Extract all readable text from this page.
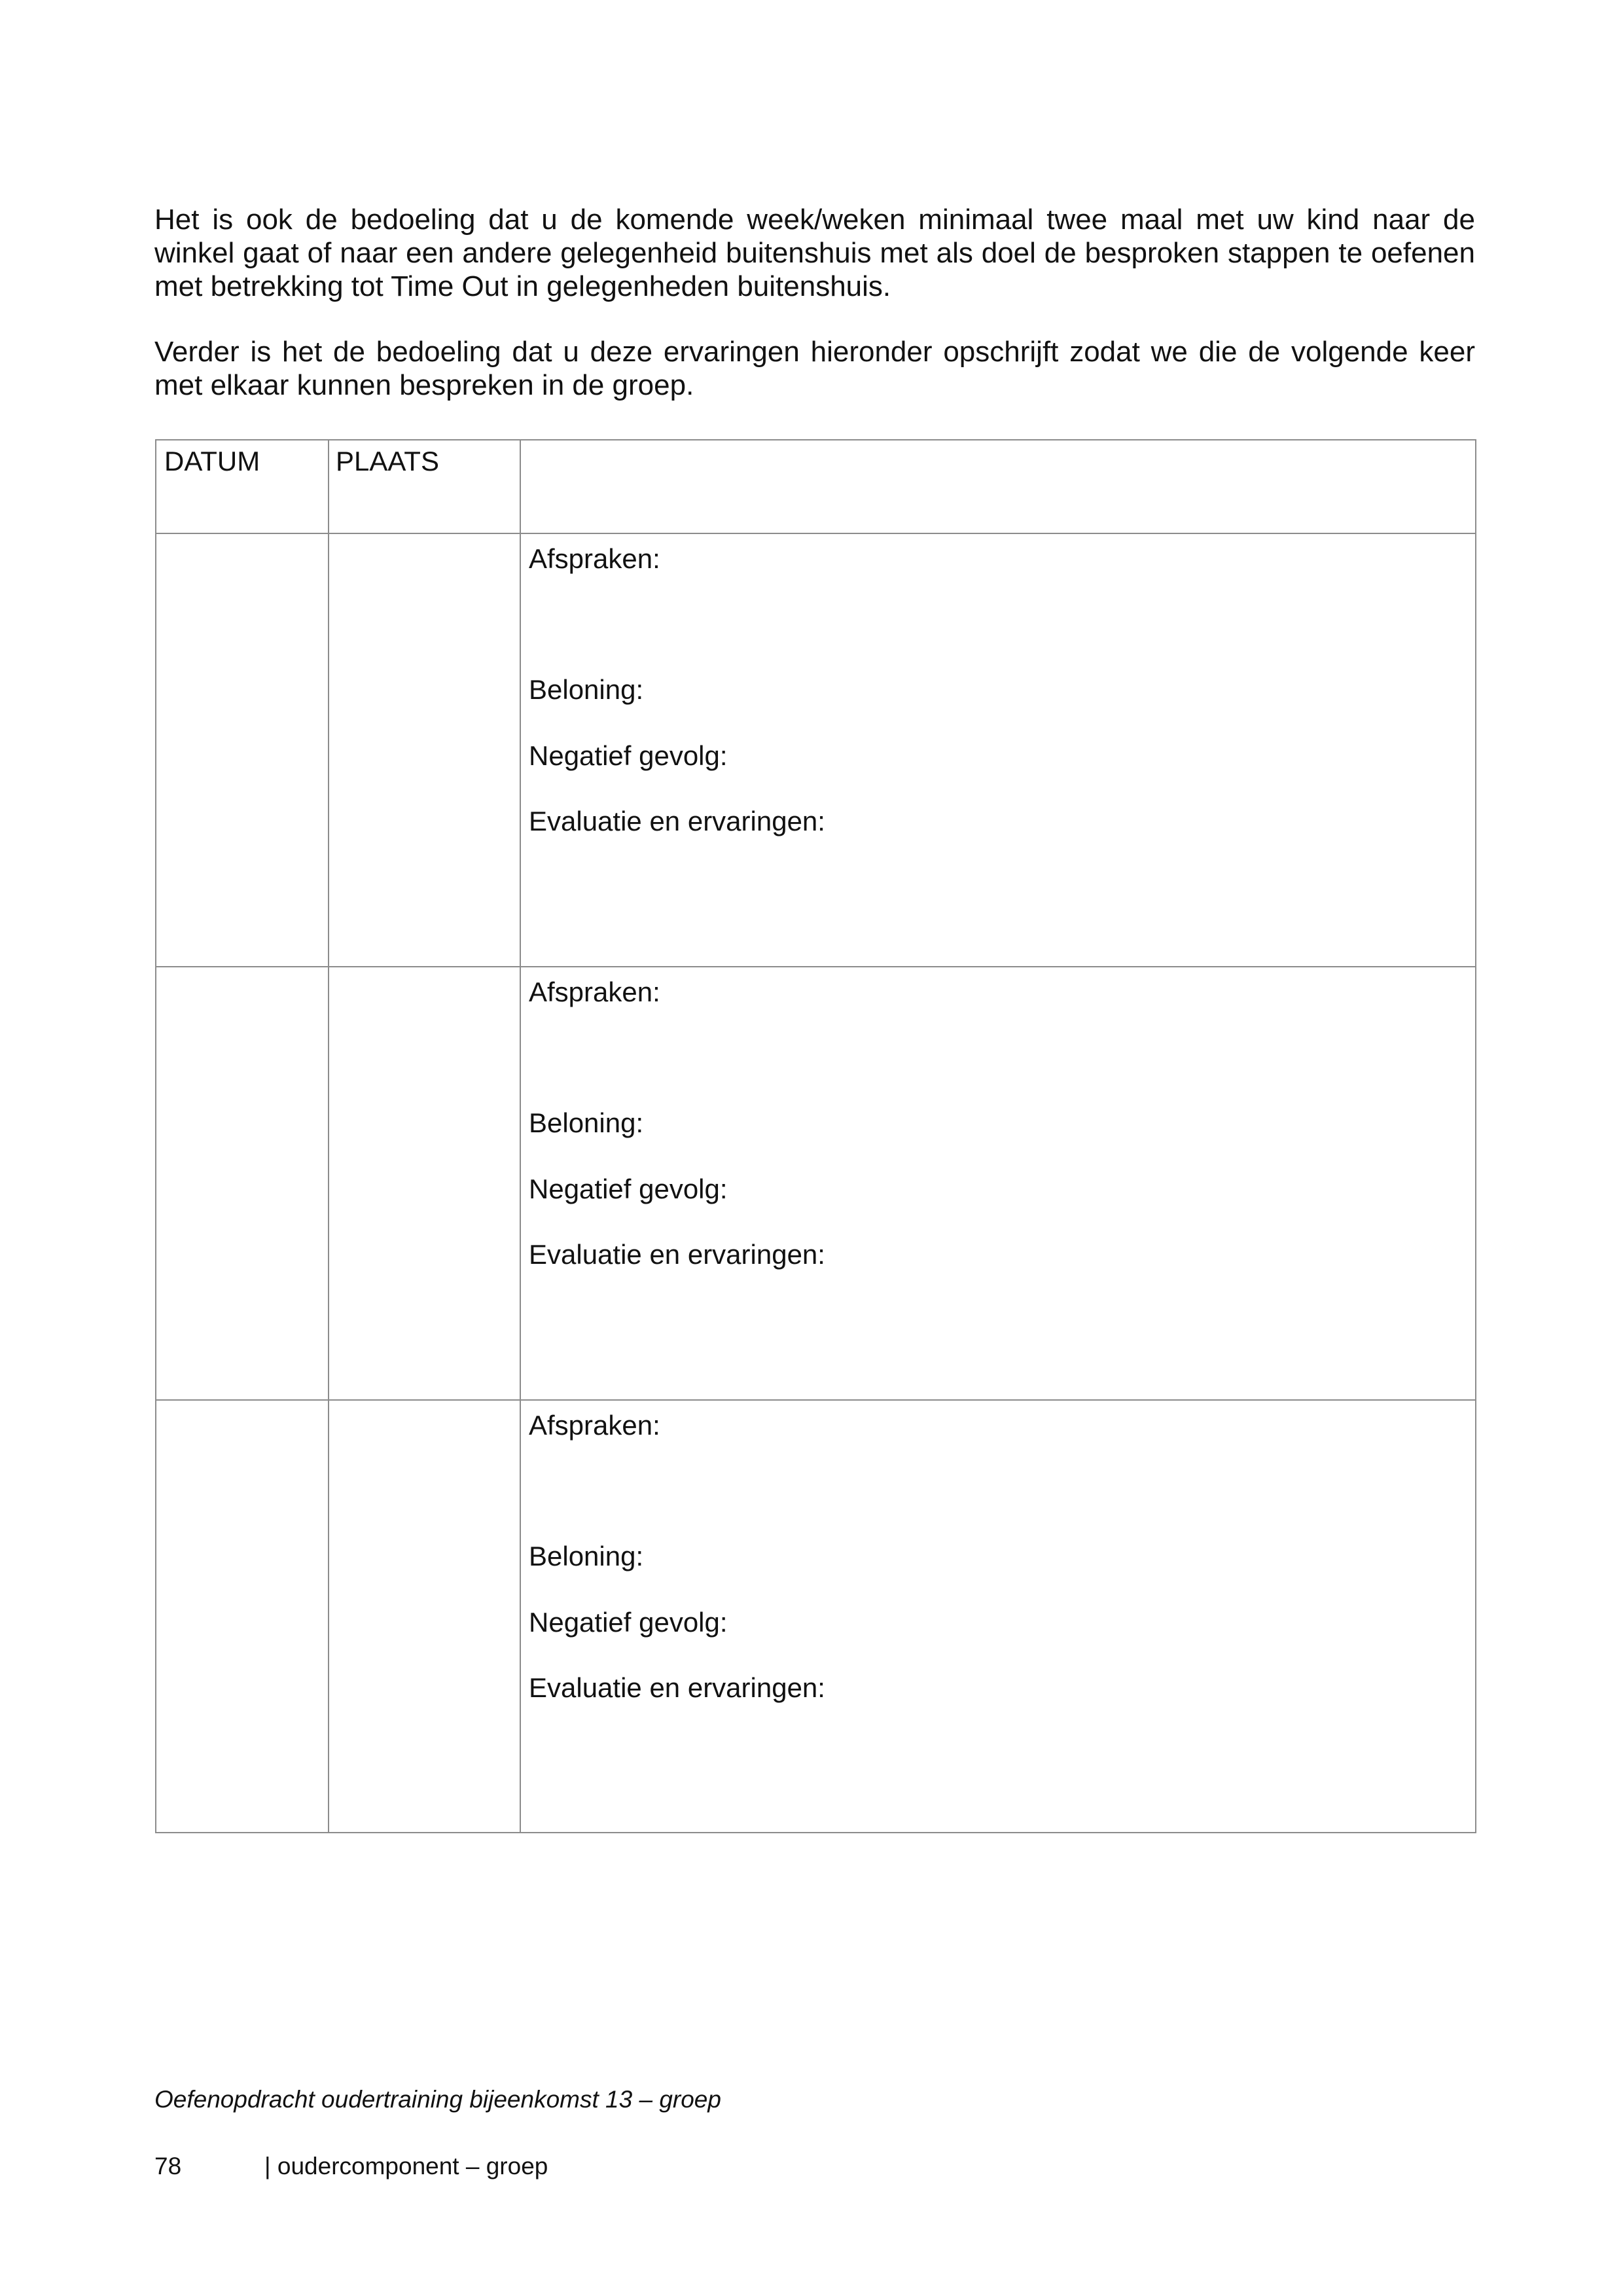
Het is ook de bedoeling dat u de komende week/weken minimaal twee maal met uw kind naar de winkel gaat of naar een andere gelegenheid buitenshuis met als doel de besproken stappen te oefenen met betrekking tot Time Out in gelegenheden buitenshuis.

Verder is het de bedoeling dat u deze ervaringen hieronder opschrijft zodat we die de volgende keer met elkaar kunnen bespreken in de groep.

DATUM	PLAATS
Afspraken:
Beloning:
Negatief gevolg:
Evaluatie en ervaringen:
Afspraken:
Beloning:
Negatief gevolg:
Evaluatie en ervaringen:
Afspraken:
Beloning:
Negatief gevolg:
Evaluatie en ervaringen:
Oefenopdracht oudertraining bijeenkomst 13 – groep
78	| oudercomponent – groep
